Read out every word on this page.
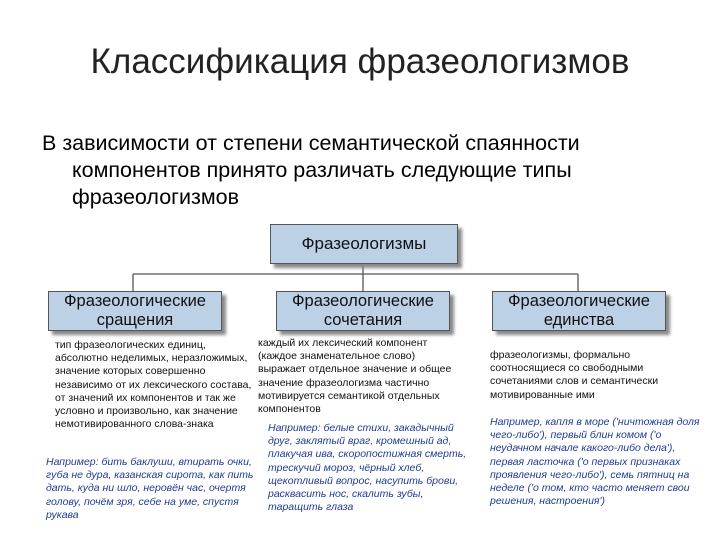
Классификация фразеологизмов
В зависимости от степени семантической спаянности
компонентов принято различать следующие типы
фразеологизмов
Фразеологизмы
Фразеологические сращения
Фразеологические сочетания
Фразеологические единства
тип фразеологических единиц, абсолютно неделимых, неразложимых, значение которых совершенно независимо от их лексического состава, от значений их компонентов и так же условно и произвольно, как значение немотивированного слова-знака
Например: бить баклуши, втирать очки, губа не дура, казанская сирота, как пить дать, куда ни шло, неровён час, очертя голову, почём зря, себе на уме, спустя рукава
каждый их лексический компонент (каждое знаменательное слово) выражает отдельное значение и общее значение фразеологизма частично мотивируется семантикой отдельных компонентов
Например: белые стихи, закадычный друг, заклятый враг, кромешный ад, плакучая ива, скоропостижная смерть, трескучий мороз, чёрный хлеб, щекотливый вопрос, насупить брови, расквасить нос, скалить зубы, таращить глаза
фразеологизмы, формально соотносящиеся со свободными сочетаниями слов и семантически мотивированные ими
Например, капля в море ('ничтожная доля чего-либо'), первый блин комом ('о неудачном начале какого-либо дела'), первая ласточка ('о первых признаках проявления чего-либо'), семь пятниц на неделе ('о том, кто часто меняет свои решения, настроения')
